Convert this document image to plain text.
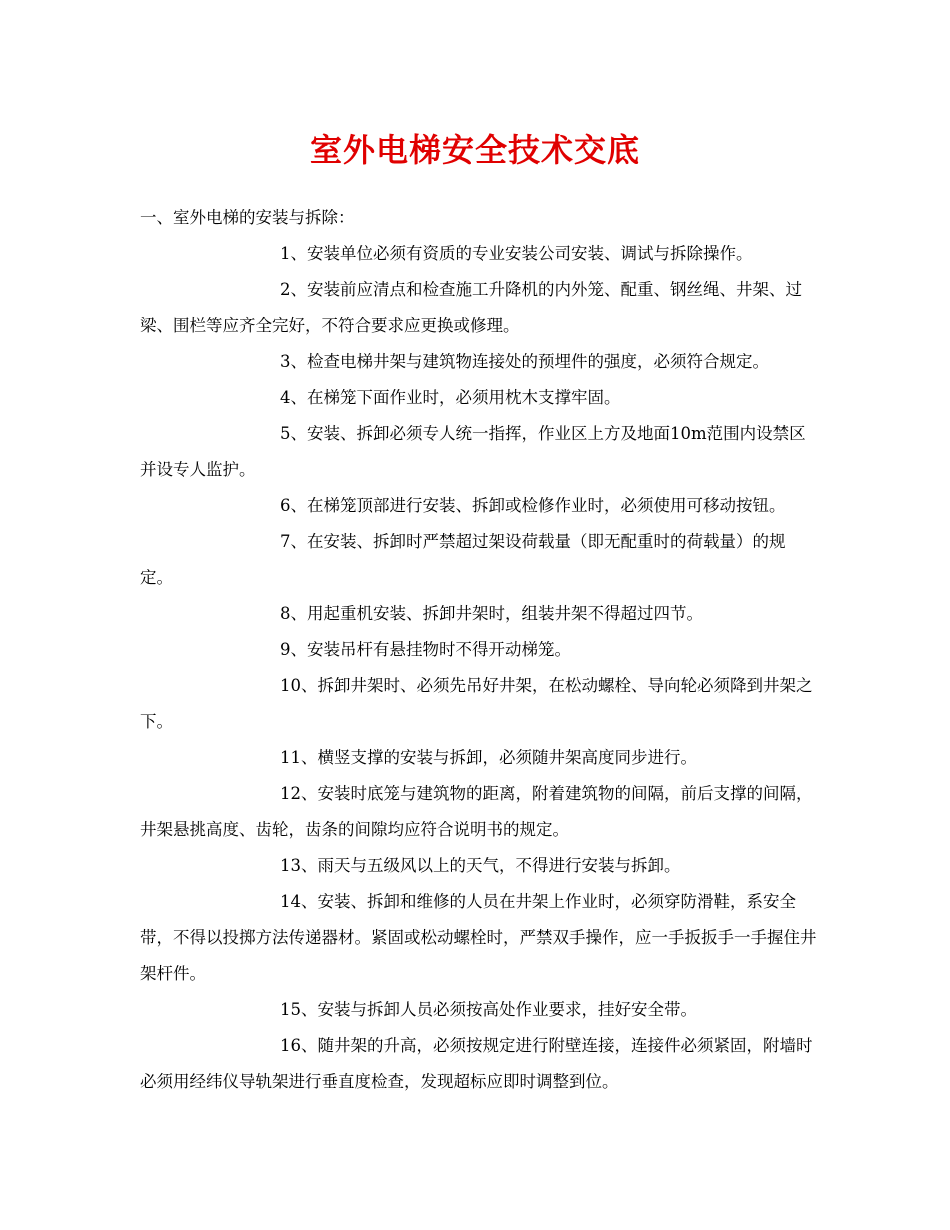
室外电梯安全技术交底

一、室外电梯的安装与拆除：

1、安装单位必须有资质的专业安装公司安装、调试与拆除操作。

2、安装前应清点和检查施工升降机的内外笼、配重、钢丝绳、井架、过梁、围栏等应齐全完好，不符合要求应更换或修理。

3、检查电梯井架与建筑物连接处的预埋件的强度，必须符合规定。

4、在梯笼下面作业时，必须用枕木支撑牢固。

5、安装、拆卸必须专人统一指挥，作业区上方及地面10m范围内设禁区并设专人监护。

6、在梯笼顶部进行安装、拆卸或检修作业时，必须使用可移动按钮。

7、在安装、拆卸时严禁超过架设荷载量（即无配重时的荷载量）的规定。

8、用起重机安装、拆卸井架时，组装井架不得超过四节。

9、安装吊杆有悬挂物时不得开动梯笼。

10、拆卸井架时、必须先吊好井架，在松动螺栓、导向轮必须降到井架之下。

11、横竖支撑的安装与拆卸，必须随井架高度同步进行。

12、安装时底笼与建筑物的距离，附着建筑物的间隔，前后支撑的间隔，井架悬挑高度、齿轮，齿条的间隙均应符合说明书的规定。

13、雨天与五级风以上的天气，不得进行安装与拆卸。

14、安装、拆卸和维修的人员在井架上作业时，必须穿防滑鞋，系安全带，不得以投掷方法传递器材。紧固或松动螺栓时，严禁双手操作，应一手扳扳手一手握住井架杆件。

15、安装与拆卸人员必须按高处作业要求，挂好安全带。

16、随井架的升高，必须按规定进行附壁连接，连接件必须紧固，附墙时必须用经纬仪导轨架进行垂直度检查，发现超标应即时调整到位。
